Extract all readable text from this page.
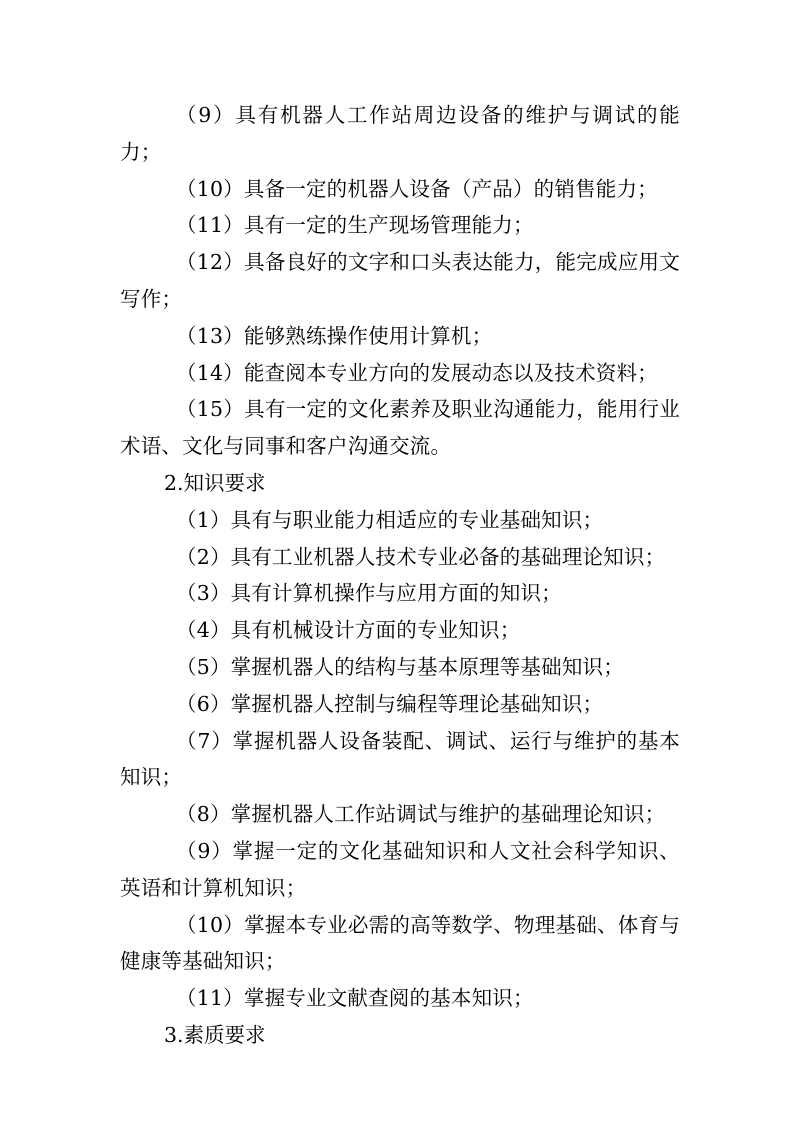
（9）具有机器人工作站周边设备的维护与调试的能力；

（10）具备一定的机器人设备（产品）的销售能力；

（11）具有一定的生产现场管理能力；

（12）具备良好的文字和口头表达能力，能完成应用文写作；

（13）能够熟练操作使用计算机；

（14）能查阅本专业方向的发展动态以及技术资料；

（15）具有一定的文化素养及职业沟通能力，能用行业术语、文化与同事和客户沟通交流。

2.知识要求

（1）具有与职业能力相适应的专业基础知识；

（2）具有工业机器人技术专业必备的基础理论知识；

（3）具有计算机操作与应用方面的知识；

（4）具有机械设计方面的专业知识；

（5）掌握机器人的结构与基本原理等基础知识；

（6）掌握机器人控制与编程等理论基础知识；

（7）掌握机器人设备装配、调试、运行与维护的基本知识；

（8）掌握机器人工作站调试与维护的基础理论知识；

（9）掌握一定的文化基础知识和人文社会科学知识、英语和计算机知识；

（10）掌握本专业必需的高等数学、物理基础、体育与健康等基础知识；

（11）掌握专业文献查阅的基本知识；

3.素质要求
